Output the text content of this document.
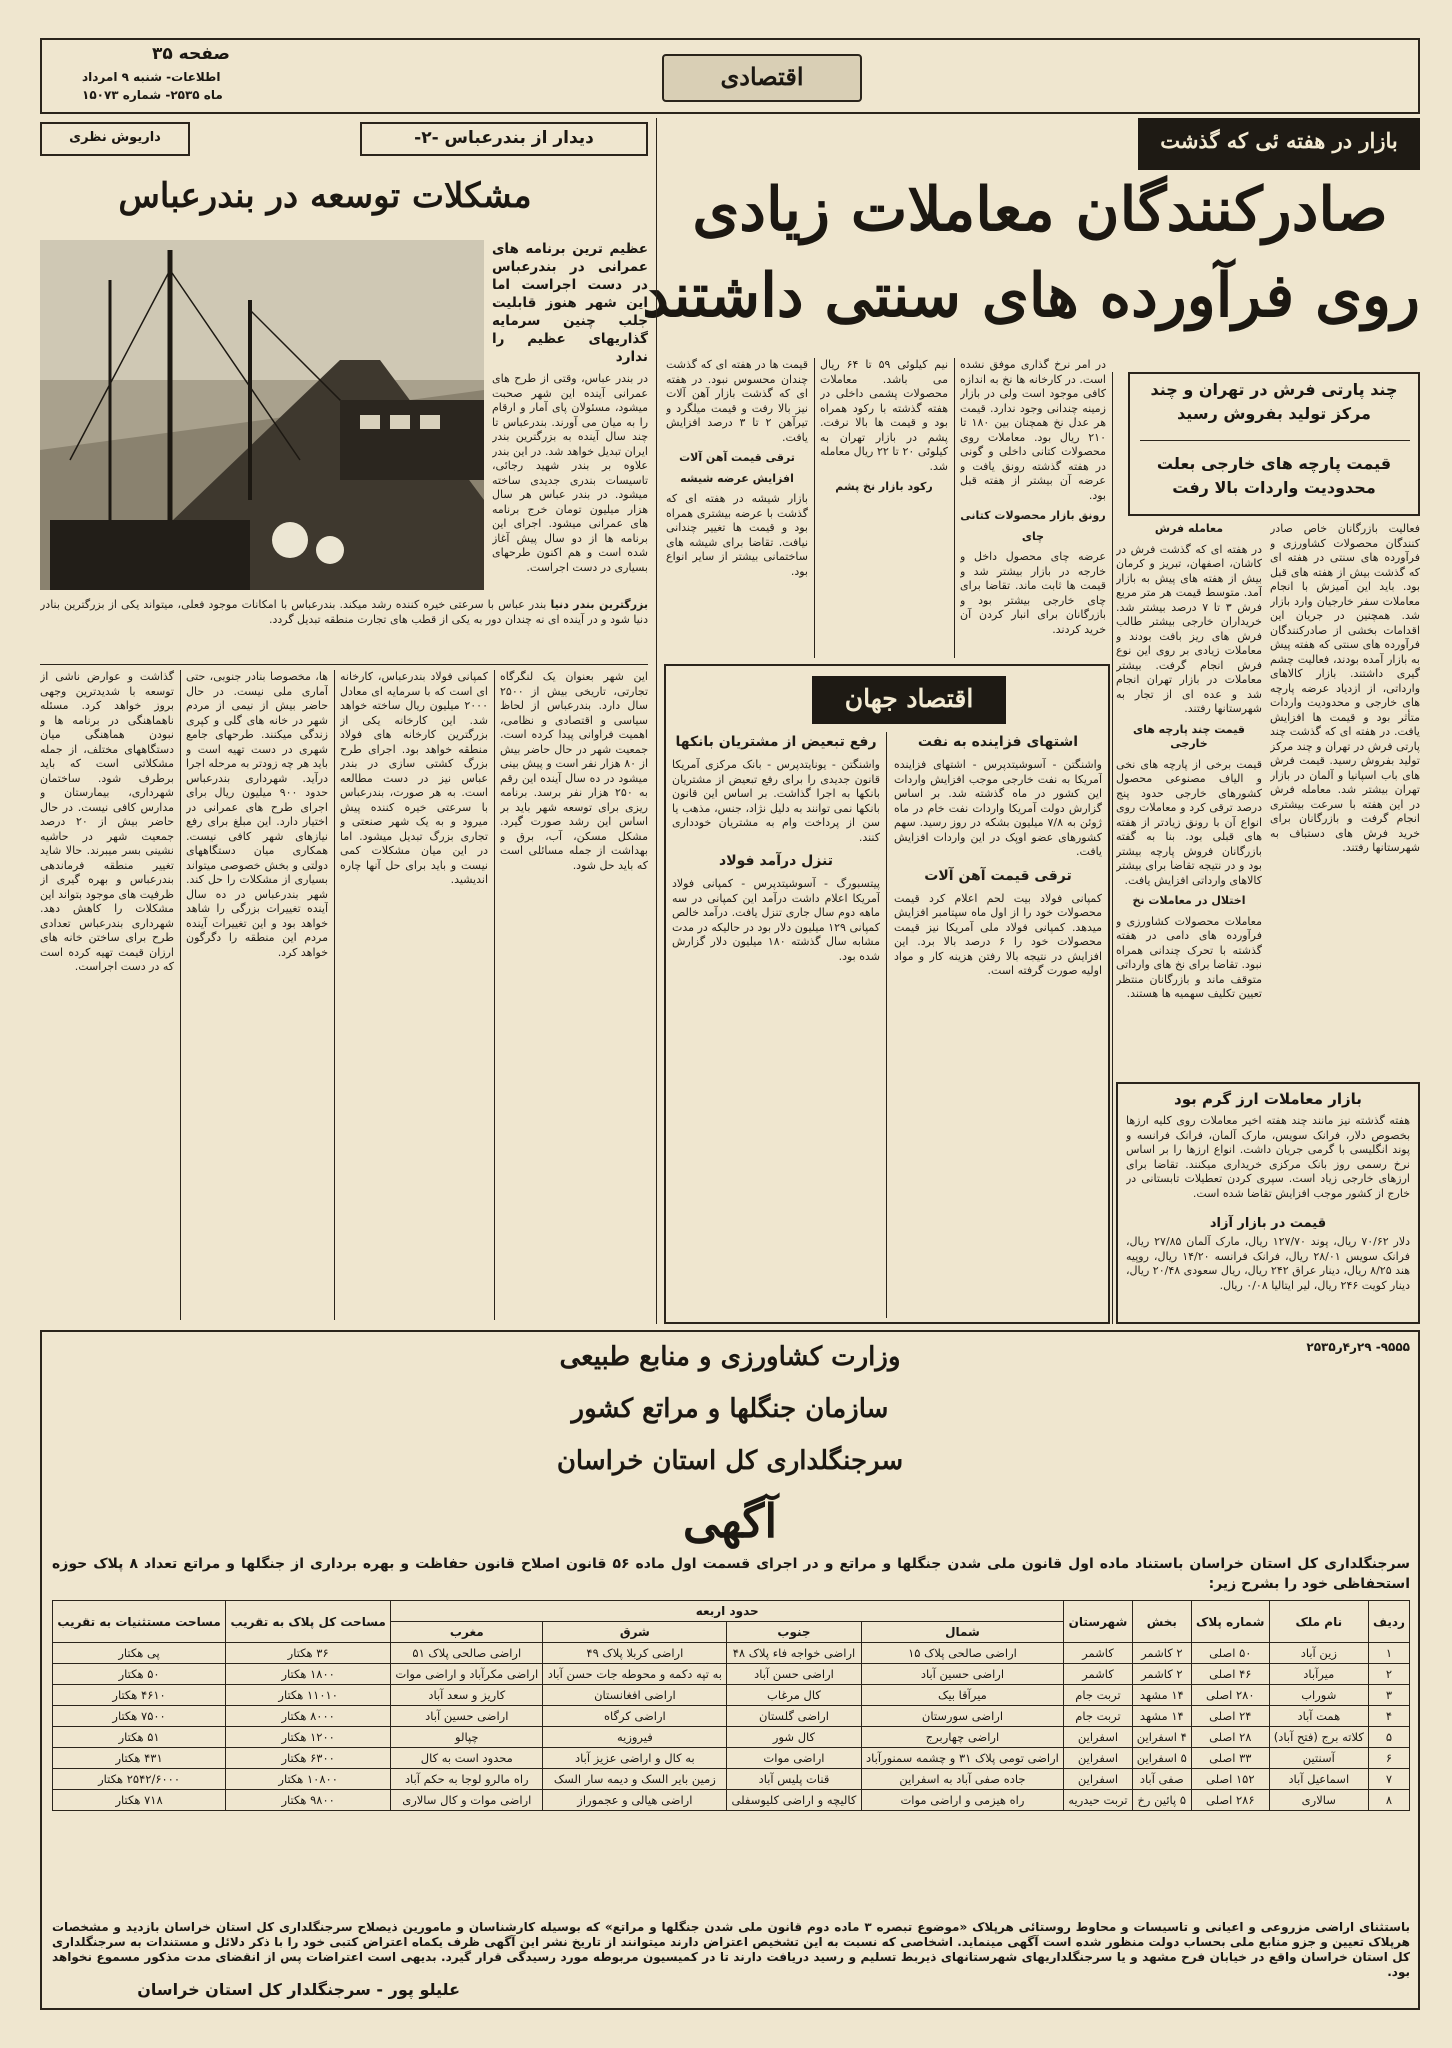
صفحه ۳۵
اطلاعات- شنبه ۹ امرداد
ماه ۲۵۳۵- شماره ۱۵۰۷۳
اقتصادی
بازار در هفته ئی که گذشت
صادرکنندگان معاملات زیادی
روی فرآورده های سنتی داشتند
چند پارتی فرش در تهران و چند مرکز تولید بفروش رسید
قیمت پارچه های خارجی بعلت محدودیت واردات بالا رفت

فعالیت بازرگانان خاص صادر کنندگان محصولات کشاورزی و فرآورده های سنتی در هفته ای که گذشت بیش از هفته های قبل بود. باید این آمیزش با انجام معاملات سفر خارجیان وارد بازار شد. همچنین در جریان این اقدامات بخشی از صادرکنندگان فرآورده های سنتی که هفته پیش به بازار آمده بودند، فعالیت چشم گیری داشتند. بازار کالاهای وارداتی، از ازدیاد عرضه پارچه های خارجی و محدودیت واردات متأثر بود و قیمت ها افزایش یافت. در هفته ای که گذشت چند پارتی فرش در تهران و چند مرکز تولید بفروش رسید. قیمت فرش های باب اسپانیا و آلمان در بازار تهران بیشتر شد. معامله فرش در این هفته با سرعت بیشتری انجام گرفت و بازرگانان برای خرید فرش های دستباف به شهرستانها رفتند.

معامله فرش

در هفته ای که گذشت فرش در کاشان، اصفهان، تبریز و کرمان بیش از هفته های پیش به بازار آمد. متوسط قیمت هر متر مربع فرش ۳ تا ۷ درصد بیشتر شد. خریداران خارجی بیشتر طالب فرش های ریز بافت بودند و معاملات زیادی بر روی این نوع فرش انجام گرفت. بیشتر معاملات در بازار تهران انجام شد و عده ای از تجار به شهرستانها رفتند.

قیمت چند پارچه های خارجی

قیمت برخی از پارچه های نخی و الیاف مصنوعی محصول کشورهای خارجی حدود پنج درصد ترقی کرد و معاملات روی انواع آن با رونق زیادتر از هفته های قبلی بود. بنا به گفته بازرگانان فروش پارچه بیشتر بود و در نتیجه تقاضا برای بیشتر کالاهای وارداتی افزایش یافت.

اختلال در معاملات نخ

معاملات محصولات کشاورزی و فرآورده های دامی در هفته گذشته با تحرک چندانی همراه نبود. تقاضا برای نخ های وارداتی متوقف ماند و بازرگانان منتظر تعیین تکلیف سهمیه ها هستند.

در امر نرخ گذاری موفق نشده است. در کارخانه ها نخ به اندازه کافی موجود است ولی در بازار زمینه چندانی وجود ندارد. قیمت هر عدل نخ همچنان بین ۱۸۰ تا ۲۱۰ ریال بود. معاملات روی محصولات کتانی داخلی و گونی در هفته گذشته رونق یافت و عرضه آن بیشتر از هفته قبل بود.

رونق بازار محصولات کتانی

چای

عرضه چای محصول داخل و خارجه در بازار بیشتر شد و قیمت ها ثابت ماند. تقاضا برای چای خارجی بیشتر بود و بازرگانان برای انبار کردن آن خرید کردند.

نیم کیلوئی ۵۹ تا ۶۴ ریال می باشد. معاملات محصولات پشمی داخلی در هفته گذشته با رکود همراه بود و قیمت ها بالا نرفت. پشم در بازار تهران به کیلوئی ۲۰ تا ۲۲ ریال معامله شد.

رکود بازار نخ پشم

قیمت ها در هفته ای که گذشت چندان محسوس نبود. در هفته ای که گذشت بازار آهن آلات نیز بالا رفت و قیمت میلگرد و تیرآهن ۲ تا ۳ درصد افزایش یافت.

ترقی قیمت آهن آلات

افزایش عرضه شیشه

بازار شیشه در هفته ای که گذشت با عرضه بیشتری همراه بود و قیمت ها تغییر چندانی نیافت. تقاضا برای شیشه های ساختمانی بیشتر از سایر انواع بود.

بازار معاملات ارز گرم بود
هفته گذشته نیز مانند چند هفته اخیر معاملات روی کلیه ارزها بخصوص دلار، فرانک سویس، مارک آلمان، فرانک فرانسه و پوند انگلیسی با گرمی جریان داشت. انواع ارزها را بر اساس نرخ رسمی روز بانک مرکزی خریداری میکنند. تقاضا برای ارزهای خارجی زیاد است. سپری کردن تعطیلات تابستانی در خارج از کشور موجب افزایش تقاضا شده است.
قیمت در بازار آزاد
دلار ۷۰/۶۲ ریال، پوند ۱۲۷/۷۰ ریال، مارک آلمان ۲۷/۸۵ ریال، فرانک سویس ۲۸/۰۱ ریال، فرانک فرانسه ۱۴/۲۰ ریال، روپیه هند ۸/۲۵ ریال، دینار عراق ۲۴۲ ریال، ریال سعودی ۲۰/۴۸ ریال، دینار کویت ۲۴۶ ریال، لیر ایتالیا ۰/۰۸ ریال.
اقتصاد جهان

اشتهای فزاینده به نفت

واشنگتن - آسوشیتدپرس - اشتهای فزاینده آمریکا به نفت خارجی موجب افزایش واردات این کشور در ماه گذشته شد. بر اساس گزارش دولت آمریکا واردات نفت خام در ماه ژوئن به ۷/۸ میلیون بشکه در روز رسید. سهم کشورهای عضو اوپک در این واردات افزایش یافت.

ترقی قیمت آهن آلات

کمپانی فولاد بیت لحم اعلام کرد قیمت محصولات خود را از اول ماه سپتامبر افزایش میدهد. کمپانی فولاد ملی آمریکا نیز قیمت محصولات خود را ۶ درصد بالا برد. این افزایش در نتیجه بالا رفتن هزینه کار و مواد اولیه صورت گرفته است.

رفع تبعیض از مشتریان بانکها

واشنگتن - یونایتدپرس - بانک مرکزی آمریکا قانون جدیدی را برای رفع تبعیض از مشتریان بانکها به اجرا گذاشت. بر اساس این قانون بانکها نمی توانند به دلیل نژاد، جنس، مذهب یا سن از پرداخت وام به مشتریان خودداری کنند.

تنزل درآمد فولاد

پیتسبورگ - آسوشیتدپرس - کمپانی فولاد آمریکا اعلام داشت درآمد این کمپانی در سه ماهه دوم سال جاری تنزل یافت. درآمد خالص کمپانی ۱۲۹ میلیون دلار بود در حالیکه در مدت مشابه سال گذشته ۱۸۰ میلیون دلار گزارش شده بود.

دیدار از بندرعباس -۲-
داریوش نظری
مشکلات توسعه در بندرعباس
عظیم ترین برنامه های عمرانی در بندرعباس در دست اجراست اما این شهر هنوز قابلیت جلب چنین سرمایه گذاریهای عظیم را ندارد
در بندر عباس، وقتی از طرح های عمرانی آینده این شهر صحبت میشود، مسئولان پای آمار و ارقام را به میان می آورند. بندرعباس تا چند سال آینده به بزرگترین بندر ایران تبدیل خواهد شد. در این بندر علاوه بر بندر شهید رجائی، تاسیسات بندری جدیدی ساخته میشود. در بندر عباس هر سال هزار میلیون تومان خرج برنامه های عمرانی میشود. اجرای این برنامه ها از دو سال پیش آغاز شده است و هم اکنون طرحهای بسیاری در دست اجراست.
بزرگترین بندر دنیا بندر عباس با سرعتی خیره کننده رشد میکند. بندرعباس با امکانات موجود فعلی، میتواند یکی از بزرگترین بنادر دنیا شود و در آینده ای نه چندان دور به یکی از قطب های تجارت منطقه تبدیل گردد.
این شهر بعنوان یک لنگرگاه تجارتی، تاریخی بیش از ۲۵۰۰ سال دارد. بندرعباس از لحاظ سیاسی و اقتصادی و نظامی، اهمیت فراوانی پیدا کرده است. جمعیت شهر در حال حاضر بیش از ۸۰ هزار نفر است و پیش بینی میشود در ده سال آینده این رقم به ۲۵۰ هزار نفر برسد. برنامه ریزی برای توسعه شهر باید بر اساس این رشد صورت گیرد. مشکل مسکن، آب، برق و بهداشت از جمله مسائلی است که باید حل شود.
کمپانی فولاد بندرعباس، کارخانه ای است که با سرمایه ای معادل ۲۰۰۰ میلیون ریال ساخته خواهد شد. این کارخانه یکی از بزرگترین کارخانه های فولاد منطقه خواهد بود. اجرای طرح بزرگ کشتی سازی در بندر عباس نیز در دست مطالعه است. به هر صورت، بندرعباس با سرعتی خیره کننده پیش میرود و به یک شهر صنعتی و تجاری بزرگ تبدیل میشود. اما در این میان مشکلات کمی نیست و باید برای حل آنها چاره اندیشید.
ها، مخصوصا بنادر جنوبی، حتی آماری ملی نیست. در حال حاضر بیش از نیمی از مردم شهر در خانه های گلی و کپری زندگی میکنند. طرحهای جامع شهری در دست تهیه است و باید هر چه زودتر به مرحله اجرا درآید. شهرداری بندرعباس حدود ۹۰۰ میلیون ریال برای اجرای طرح های عمرانی در اختیار دارد. این مبلغ برای رفع نیازهای شهر کافی نیست. همکاری میان دستگاههای دولتی و بخش خصوصی میتواند بسیاری از مشکلات را حل کند. شهر بندرعباس در ده سال آینده تغییرات بزرگی را شاهد خواهد بود و این تغییرات آینده مردم این منطقه را دگرگون خواهد کرد.
گذاشت و عوارض ناشی از توسعه با شدیدترین وجهی بروز خواهد کرد. مسئله ناهماهنگی در برنامه ها و نبودن هماهنگی میان دستگاههای مختلف، از جمله مشکلاتی است که باید برطرف شود. ساختمان شهرداری، بیمارستان و مدارس کافی نیست. در حال حاضر بیش از ۲۰ درصد جمعیت شهر در حاشیه نشینی بسر میبرند. حالا شاید تغییر منطقه فرماندهی بندرعباس و بهره گیری از ظرفیت های موجود بتواند این مشکلات را کاهش دهد. شهرداری بندرعباس تعدادی طرح برای ساختن خانه های ارزان قیمت تهیه کرده است که در دست اجراست.
۹۵۵۵- ۲۹ر۴ر۲۵۳۵
وزارت کشاورزی و منابع طبیعی
سازمان جنگلها و مراتع کشور
سرجنگلداری کل استان خراسان
آگهی
سرجنگلداری کل استان خراسان باستناد ماده اول قانون ملی شدن جنگلها و مراتع و در اجرای قسمت اول ماده ۵۶ قانون اصلاح قانون حفاظت و بهره برداری از جنگلها و مراتع تعداد ۸ پلاک حوزه استحفاظی خود را بشرح زیر:
ردیف	نام ملک	شماره پلاک	بخش	شهرستان	حدود اربعه				مساحت کل پلاک به تقریب	مساحت مستثنیات به تقریب
					شمال	جنوب	شرق	مغرب		
۱	زین آباد	۵۰ اصلی	۲ کاشمر	کاشمر	اراضی صالحی پلاک ۱۵	اراضی خواجه فاء پلاک ۴۸	اراضی کربلا پلاک ۴۹	اراضی صالحی پلاک ۵۱	۳۶ هکتار	پی هکتار
۲	میرآباد	۴۶ اصلی	۲ کاشمر	کاشمر	اراضی حسین آباد	اراضی حسن آباد	به تپه دکمه و محوطه جات حسن آباد	اراضی مکرآباد و اراضی موات	۱۸۰۰ هکتار	۵۰ هکتار
۳	شوراب	۲۸۰ اصلی	۱۴ مشهد	تربت جام	میرآقا بیک	کال مرغاب	اراضی افغانستان	کاریز و سعد آباد	۱۱۰۱۰ هکتار	۴۶۱۰ هکتار
۴	همت آباد	۲۴ اصلی	۱۴ مشهد	تربت جام	اراضی سورستان	اراضی گلستان	اراضی کرگاه	اراضی حسین آباد	۸۰۰۰ هکتار	۷۵۰۰ هکتار
۵	کلاته برج (فتح آباد)	۲۸ اصلی	۴ اسفراین	اسفراین	اراضی چهاربرج	کال شور	فیروزیه	چپالو	۱۲۰۰ هکتار	۵۱ هکتار
۶	آسنتین	۳۳ اصلی	۵ اسفراین	اسفراین	اراضی تومی پلاک ۳۱ و چشمه سمنورآباد	اراضی موات	به کال و اراضی عزیز آباد	محدود است به کال	۶۳۰۰ هکتار	۴۳۱ هکتار
۷	اسماعیل آباد	۱۵۲ اصلی	صفی آباد	اسفراین	جاده صفی آباد به اسفراین	قنات پلیس آباد	زمین بایر السک و دیمه سار السک	راه مالرو لوجا به حکم آباد	۱۰۸۰۰ هکتار	۲۵۴۲/۶۰۰۰ هکتار
۸	سالاری	۲۸۶ اصلی	۵ پائین رخ	تربت حیدریه	راه هیزمی و اراضی موات	کالیچه و اراضی کلیوسفلی	اراضی هیالی و عجموراز	اراضی موات و کال سالاری	۹۸۰۰ هکتار	۷۱۸ هکتار
باستثنای اراضی مزروعی و اعیانی و تاسیسات و محاوط روستائی هرپلاک «موضوع تبصره ۳ ماده دوم قانون ملی شدن جنگلها و مراتع» که بوسیله کارشناسان و مامورین ذیصلاح سرجنگلداری کل استان خراسان بازدید و مشخصات هرپلاک تعیین و جزو منابع ملی بحساب دولت منظور شده است آگهی مینماید. اشخاصی که نسبت به این تشخیص اعتراض دارند میتوانند از تاریخ نشر این آگهی ظرف یکماه اعتراض کتبی خود را با ذکر دلائل و مستندات به سرجنگلداری کل استان خراسان واقع در خیابان فرح مشهد و یا سرجنگلداریهای شهرستانهای ذیربط تسلیم و رسید دریافت دارند تا در کمیسیون مربوطه مورد رسیدگی قرار گیرد. بدیهی است اعتراضات پس از انقضای مدت مذکور مسموع نخواهد بود.
علیلو پور - سرجنگلدار کل استان خراسان
